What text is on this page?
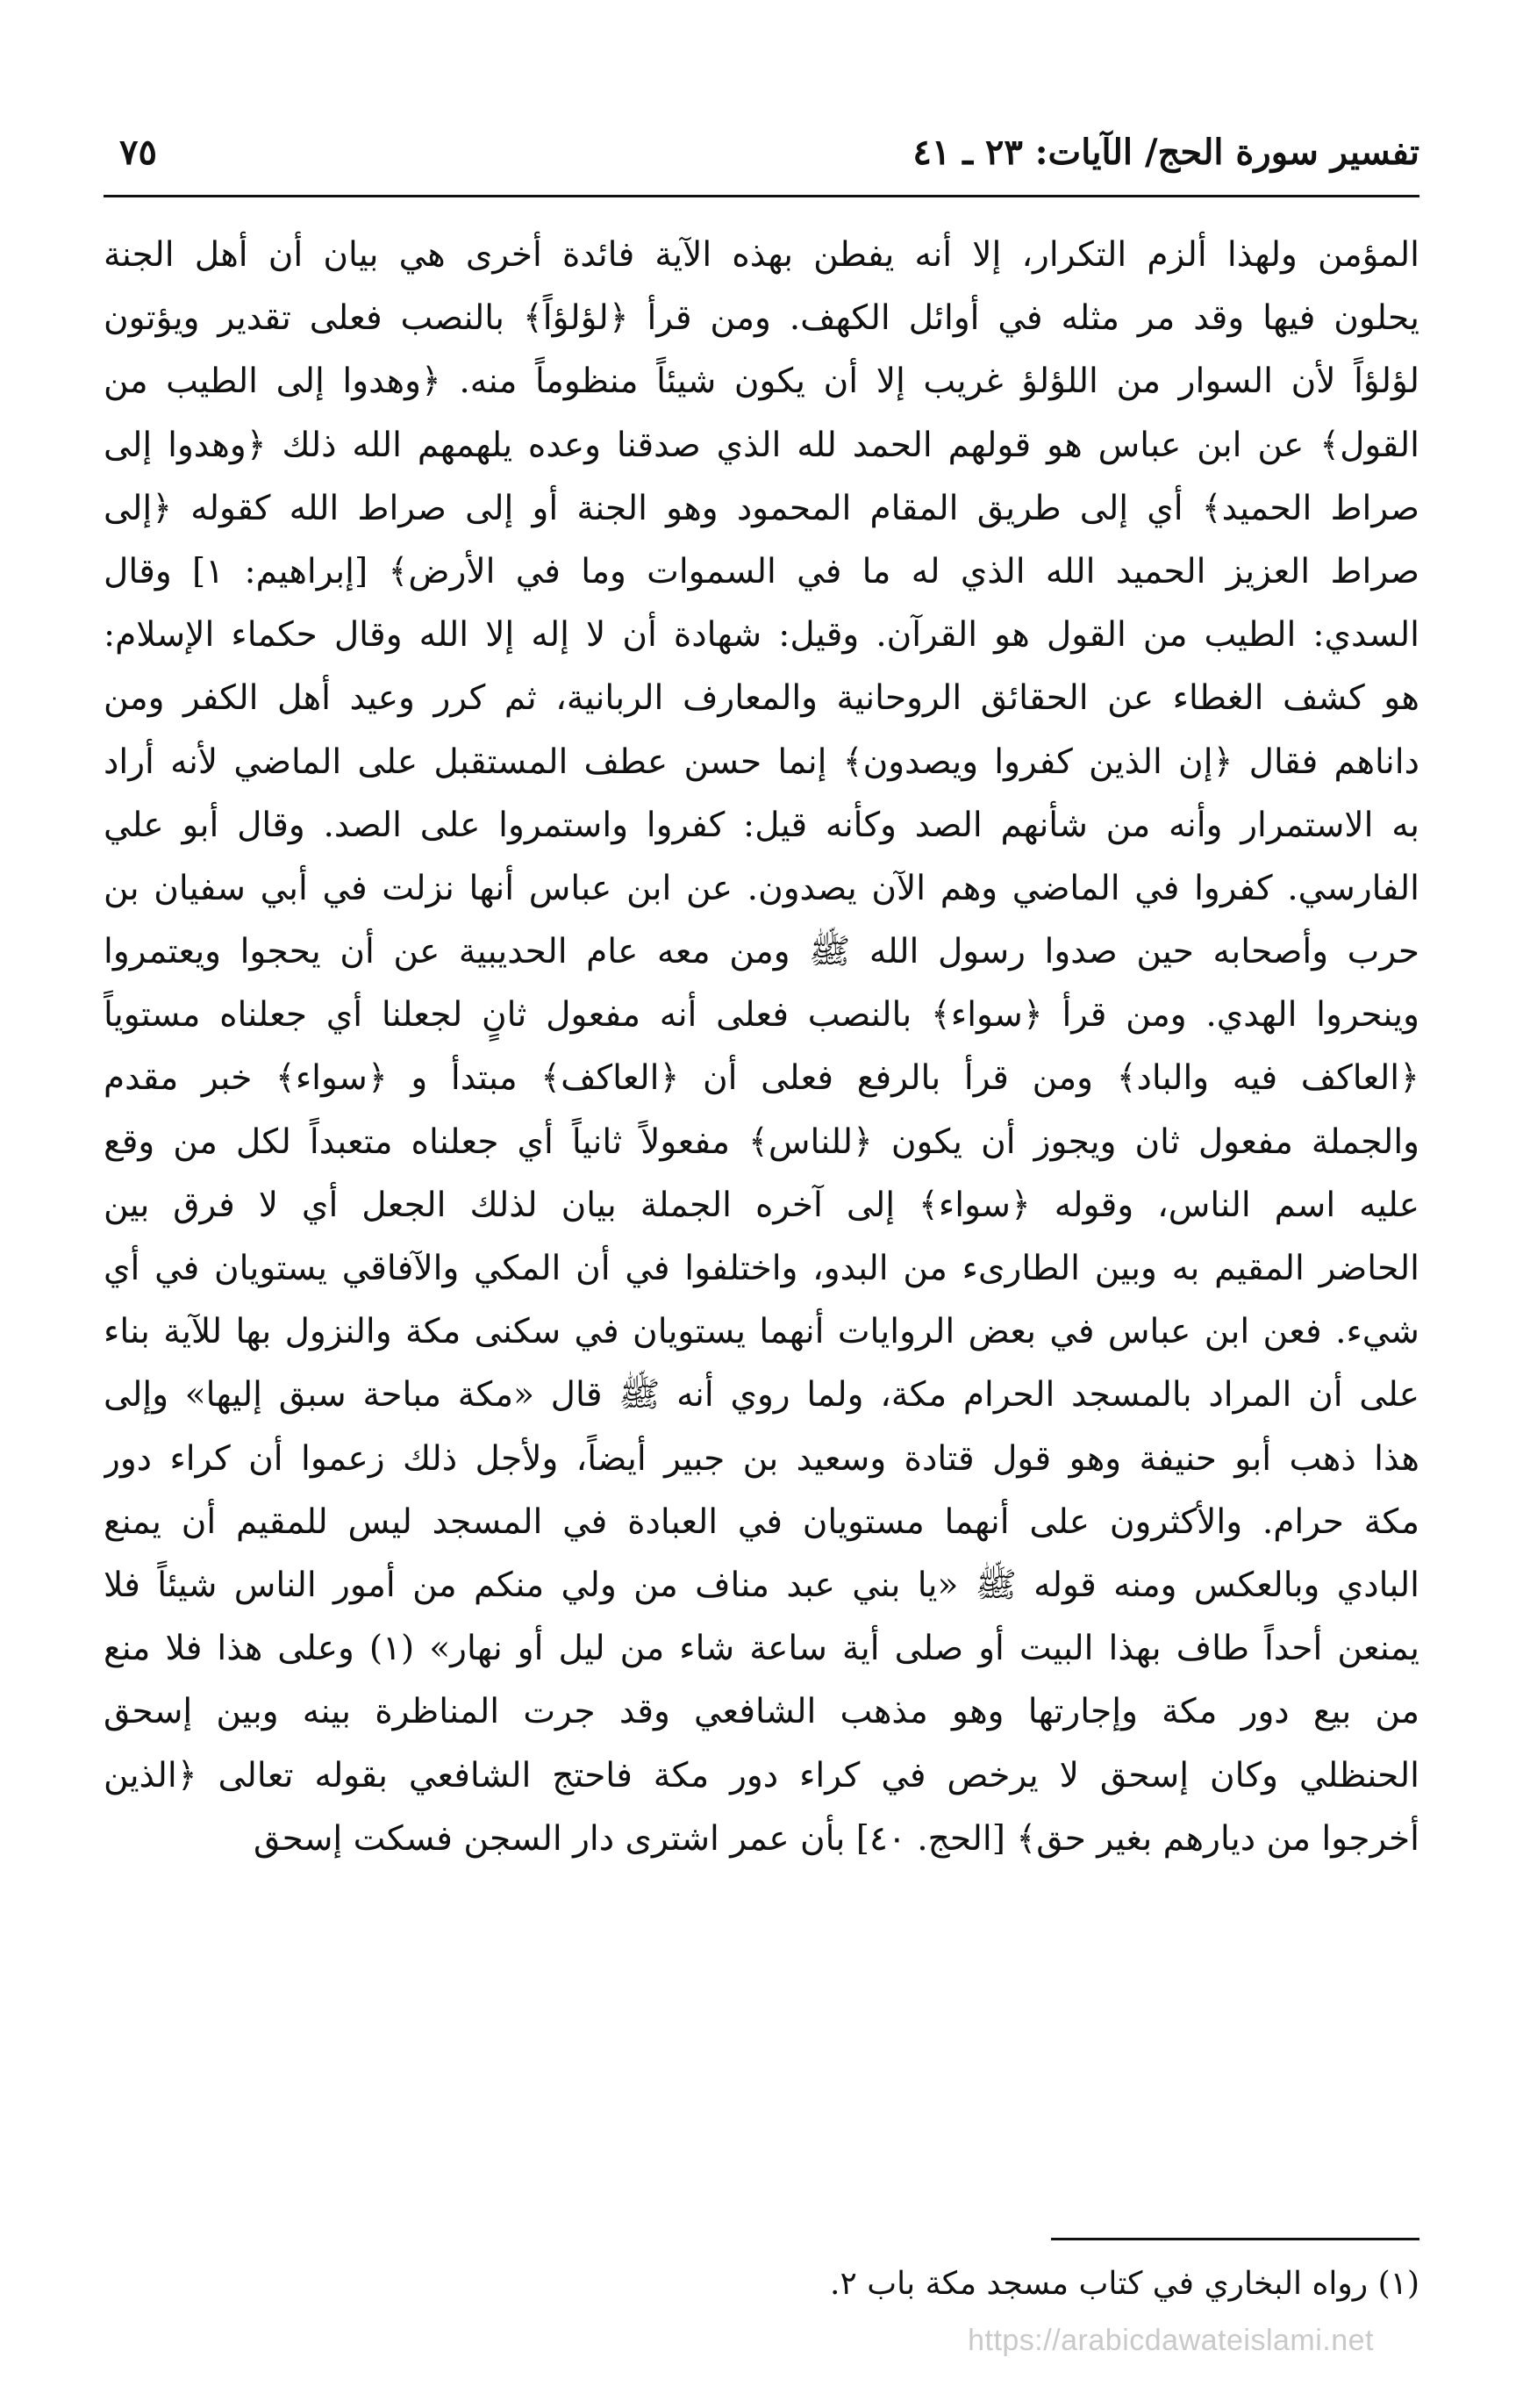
تفسير سورة الحج/ الآيات: ٢٣ ـ ٤١
٧٥
المؤمن ولهذا ألزم التكرار، إلا أنه يفطن بهذه الآية فائدة أخرى هي بيان أن أهل الجنة
يحلون فيها وقد مر مثله في أوائل الكهف. ومن قرأ ﴿لؤلؤاً﴾ بالنصب فعلى تقدير ويؤتون
لؤلؤاً لأن السوار من اللؤلؤ غريب إلا أن يكون شيئاً منظوماً منه. ﴿وهدوا إلى الطيب من
القول﴾ عن ابن عباس هو قولهم الحمد لله الذي صدقنا وعده يلهمهم الله ذلك ﴿وهدوا إلى
صراط الحميد﴾ أي إلى طريق المقام المحمود وهو الجنة أو إلى صراط الله كقوله ﴿إلى
صراط العزيز الحميد الله الذي له ما في السموات وما في الأرض﴾ [إبراهيم: ١] وقال
السدي: الطيب من القول هو القرآن. وقيل: شهادة أن لا إله إلا الله وقال حكماء الإسلام:
هو كشف الغطاء عن الحقائق الروحانية والمعارف الربانية، ثم كرر وعيد أهل الكفر ومن
داناهم فقال ﴿إن الذين كفروا ويصدون﴾ إنما حسن عطف المستقبل على الماضي لأنه أراد
به الاستمرار وأنه من شأنهم الصد وكأنه قيل: كفروا واستمروا على الصد. وقال أبو علي
الفارسي. كفروا في الماضي وهم الآن يصدون. عن ابن عباس أنها نزلت في أبي سفيان بن
حرب وأصحابه حين صدوا رسول الله ﷺ ومن معه عام الحديبية عن أن يحجوا ويعتمروا
وينحروا الهدي. ومن قرأ ﴿سواء﴾ بالنصب فعلى أنه مفعول ثانٍ لجعلنا أي جعلناه مستوياً
﴿العاكف فيه والباد﴾ ومن قرأ بالرفع فعلى أن ﴿العاكف﴾ مبتدأ و ﴿سواء﴾ خبر مقدم
والجملة مفعول ثان ويجوز أن يكون ﴿للناس﴾ مفعولاً ثانياً أي جعلناه متعبداً لكل من وقع
عليه اسم الناس، وقوله ﴿سواء﴾ إلى آخره الجملة بيان لذلك الجعل أي لا فرق بين
الحاضر المقيم به وبين الطارىء من البدو، واختلفوا في أن المكي والآفاقي يستويان في أي
شيء. فعن ابن عباس في بعض الروايات أنهما يستويان في سكنى مكة والنزول بها للآية بناء
على أن المراد بالمسجد الحرام مكة، ولما روي أنه ﷺ قال «مكة مباحة سبق إليها» وإلى
هذا ذهب أبو حنيفة وهو قول قتادة وسعيد بن جبير أيضاً، ولأجل ذلك زعموا أن كراء دور
مكة حرام. والأكثرون على أنهما مستويان في العبادة في المسجد ليس للمقيم أن يمنع
البادي وبالعكس ومنه قوله ﷺ «يا بني عبد مناف من ولي منكم من أمور الناس شيئاً فلا
يمنعن أحداً طاف بهذا البيت أو صلى أية ساعة شاء من ليل أو نهار» (١) وعلى هذا فلا منع
من بيع دور مكة وإجارتها وهو مذهب الشافعي وقد جرت المناظرة بينه وبين إسحق
الحنظلي وكان إسحق لا يرخص في كراء دور مكة فاحتج الشافعي بقوله تعالى ﴿الذين
أخرجوا من ديارهم بغير حق﴾ [الحج. ٤٠] بأن عمر اشترى دار السجن فسكت إسحق
(١) رواه البخاري في كتاب مسجد مكة باب ٢.
https://arabicdawateislami.net
